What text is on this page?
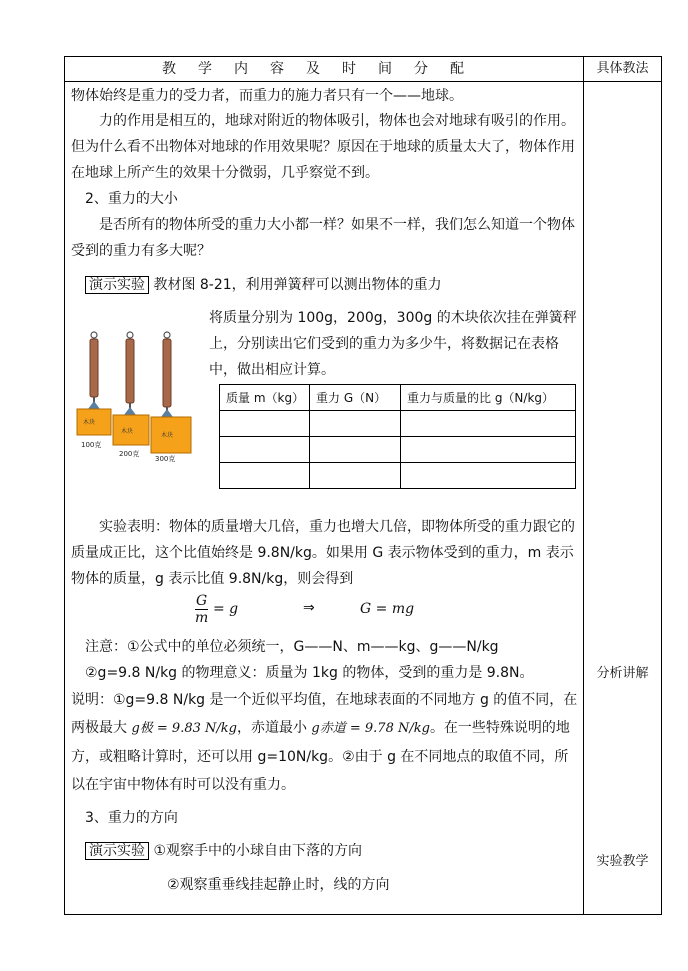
教学内容及时间分配	具体教法
物体始终是重力的受力者，而重力的施力者只有一个——地球。
力的作用是相互的，地球对附近的物体吸引，物体也会对地球有吸引的作用。但为什么看不出物体对地球的作用效果呢？原因在于地球的质量太大了，物体作用在地球上所产生的效果十分微弱，几乎察觉不到。
2、重力的大小
是否所有的物体所受的重力大小都一样？如果不一样，我们怎么知道一个物体受到的重力有多大呢？
演示实验 教材图 8-21，利用弹簧秤可以测出物体的重力
木块
木块
木块
100克
200克
300克
将质量分别为 100g，200g，300g 的木块依次挂在弹簧秤上，分别读出它们受到的重力为多少牛，将数据记在表格中，做出相应计算。
质量 m（kg）	重力 G（N）	重力与质量的比 g（N/kg）

实验表明：物体的质量增大几倍，重力也增大几倍，即物体所受的重力跟它的质量成正比，这个比值始终是 9.8N/kg。如果用 G 表示物体受到的重力，m 表示物体的质量，g 表示比值 9.8N/kg，则会得到
$\frac{G}{m} = g$	⇒	G = mg
注意：①公式中的单位必须统一，G——N、m——kg、g——N/kg
②g=9.8 N/kg 的物理意义：质量为 1kg 的物体，受到的重力是 9.8N。
说明：①g=9.8 N/kg 是一个近似平均值，在地球表面的不同地方 g 的值不同，在两极最大 g极 = 9.83 N/kg，赤道最小 g赤道 = 9.78 N/kg。在一些特殊说明的地方，或粗略计算时，还可以用 g=10N/kg。②由于 g 在不同地点的取值不同，所以在宇宙中物体有时可以没有重力。
3、重力的方向
演示实验 ①观察手中的小球自由下落的方向
②观察重垂线挂起静止时，线的方向
分析讲解
实验教学
